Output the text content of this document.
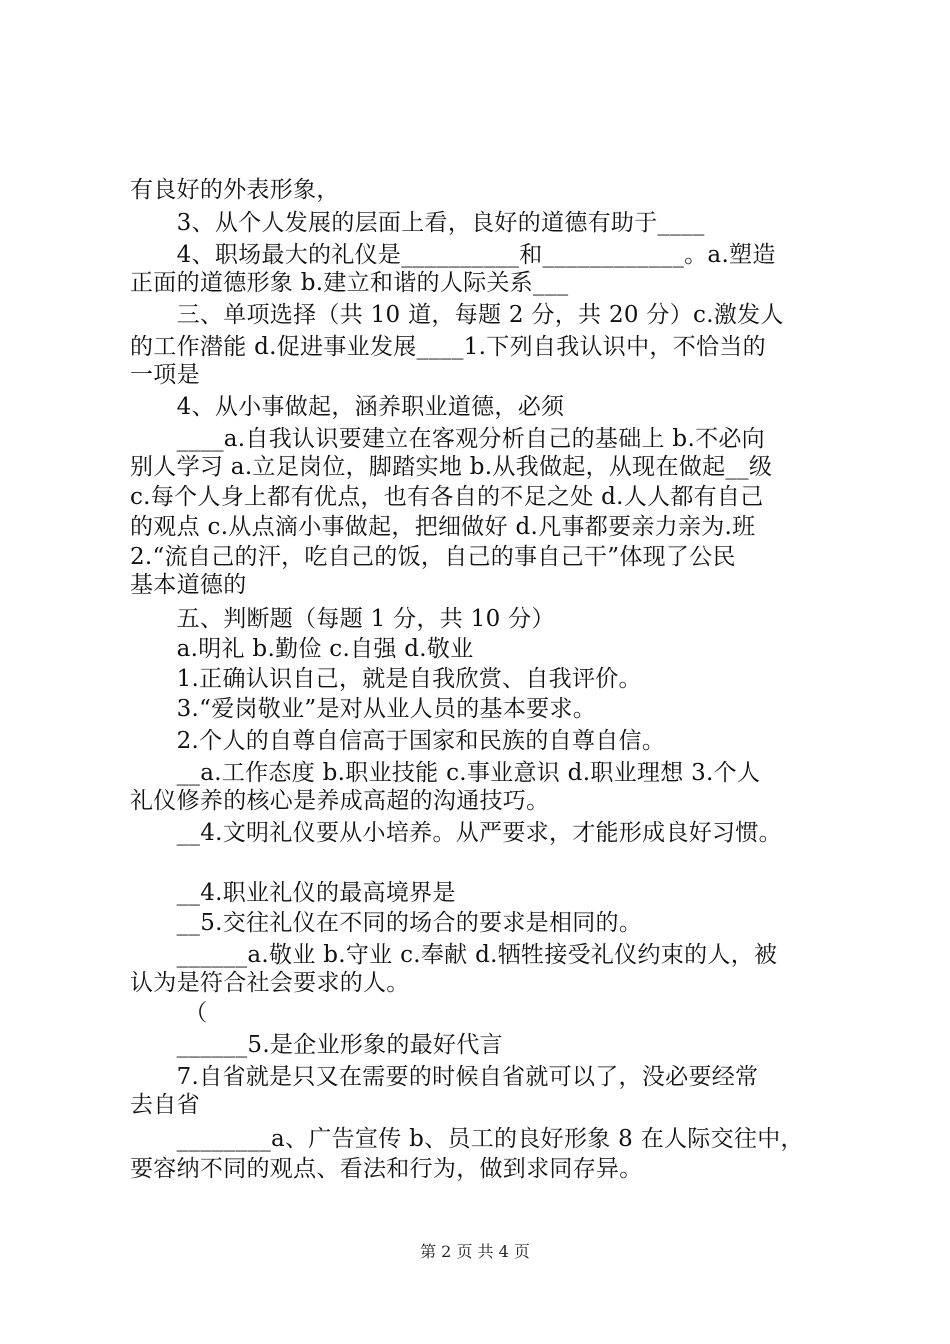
有良好的外表形象，
　　3、从个人发展的层面上看，良好的道德有助于____
　　4、职场最大的礼仪是__________和____________。a.塑造
正面的道德形象 b.建立和谐的人际关系___
　　三、单项选择（共 10 道，每题 2 分，共 20 分）c.激发人
的工作潜能 d.促进事业发展____1.下列自我认识中，不恰当的
一项是
　　4、从小事做起，涵养职业道德，必须
　　____a.自我认识要建立在客观分析自己的基础上 b.不必向
别人学习 a.立足岗位，脚踏实地 b.从我做起，从现在做起__级
c.每个人身上都有优点，也有各自的不足之处 d.人人都有自己
的观点 c.从点滴小事做起，把细做好 d.凡事都要亲力亲为.班
2.“流自己的汗，吃自己的饭，自己的事自己干”体现了公民
基本道德的
　　五、判断题（每题 1 分，共 10 分）
　　a.明礼 b.勤俭 c.自强 d.敬业
　　1.正确认识自己，就是自我欣赏、自我评价。
　　3.“爱岗敬业”是对从业人员的基本要求。
　　2.个人的自尊自信高于国家和民族的自尊自信。
　　__a.工作态度 b.职业技能 c.事业意识 d.职业理想 3.个人
礼仪修养的核心是养成高超的沟通技巧。
　　__4.文明礼仪要从小培养。从严要求，才能形成良好习惯。
　　__4.职业礼仪的最高境界是
　　__5.交往礼仪在不同的场合的要求是相同的。
　　______a.敬业 b.守业 c.奉献 d.牺牲接受礼仪约束的人，被
认为是符合社会要求的人。
　　 （
　　______5.是企业形象的最好代言
　　7.自省就是只又在需要的时候自省就可以了，没必要经常
去自省
　　________a、广告宣传 b、员工的良好形象 8 在人际交往中，
要容纳不同的观点、看法和行为，做到求同存异。
第 2 页 共 4 页
